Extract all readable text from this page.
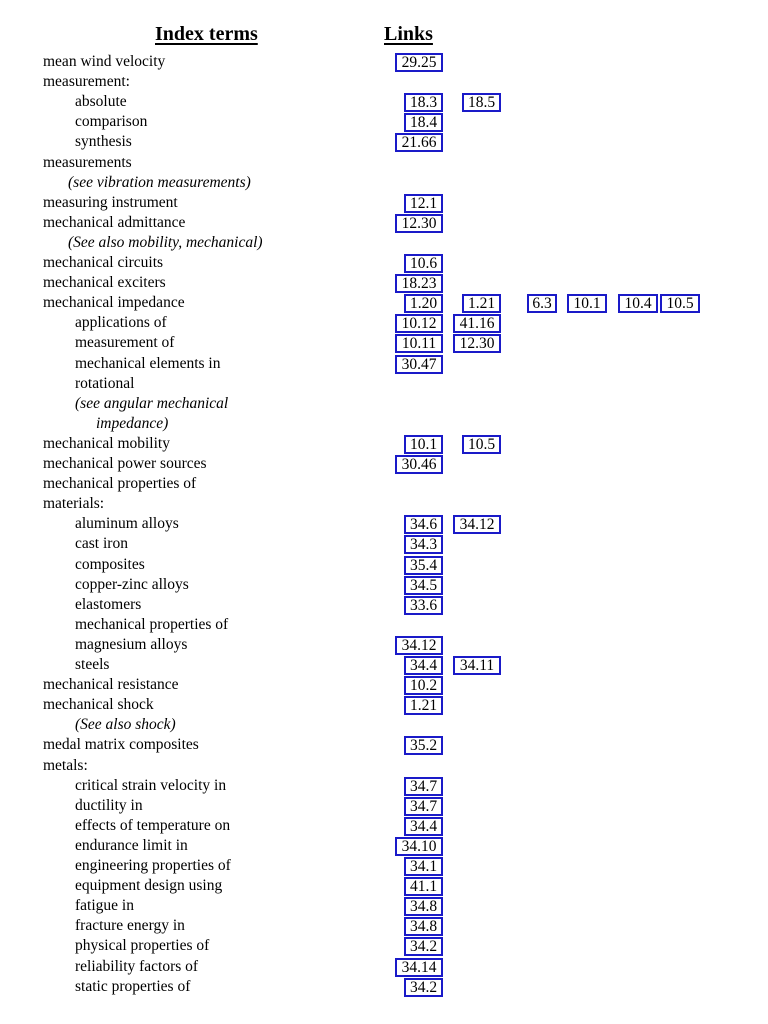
Index terms	Links
mean wind velocity	29.25
measurement:
absolute	18.3	18.5
comparison	18.4
synthesis	21.66
measurements
(see vibration measurements)
measuring instrument	12.1
mechanical admittance	12.30
(See also mobility, mechanical)
mechanical circuits	10.6
mechanical exciters	18.23
mechanical impedance	1.20	1.21	6.3	10.1	10.4 10.5
applications of	10.12	41.16
measurement of	10.11	12.30
mechanical elements in	30.47
rotational
(see angular mechanical
impedance)
mechanical mobility	10.1	10.5
mechanical power sources	30.46
mechanical properties of
materials:
aluminum alloys	34.6	34.12
cast iron	34.3
composites	35.4
copper-zinc alloys	34.5
elastomers	33.6
mechanical properties of
magnesium alloys	34.12
steels	34.4	34.11
mechanical resistance	10.2
mechanical shock	1.21
(See also shock)
medal matrix composites	35.2
metals:
critical strain velocity in	34.7
ductility in	34.7
effects of temperature on	34.4
endurance limit in	34.10
engineering properties of	34.1
equipment design using	41.1
fatigue in	34.8
fracture energy in	34.8
physical properties of	34.2
reliability factors of	34.14
static properties of	34.2
